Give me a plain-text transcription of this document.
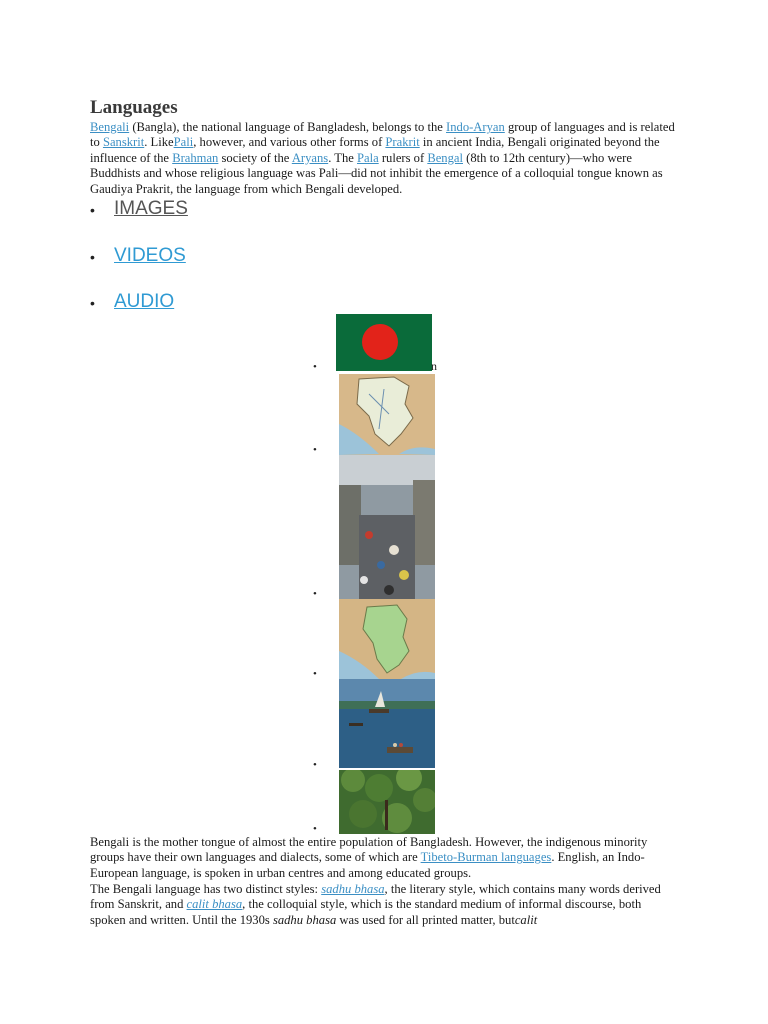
Languages

Bengali (Bangla), the national language of Bangladesh, belongs to the Indo-Aryan group of languages and is related to Sanskrit. LikePali, however, and various other forms of Prakrit in ancient India, Bengali originated beyond the influence of the Brahman society of the Aryans. The Pala rulers of Bengal (8th to 12th century)—who were Buddhists and whose religious language was Pali—did not inhibit the emergence of a colloquial tongue known as Gaudiya Prakrit, the language from which Bengali developed.

• IMAGES
• VIDEOS
• AUDIO
•	n
•
•
•
•
•

Bengali is the mother tongue of almost the entire population of Bangladesh. However, the indigenous minority groups have their own languages and dialects, some of which are Tibeto-Burman languages. English, an Indo-European language, is spoken in urban centres and among educated groups.

The Bengali language has two distinct styles: sadhu bhasa, the literary style, which contains many words derived from Sanskrit, and calit bhasa, the colloquial style, which is the standard medium of informal discourse, both spoken and written. Until the 1930s sadhu bhasa was used for all printed matter, butcalit
